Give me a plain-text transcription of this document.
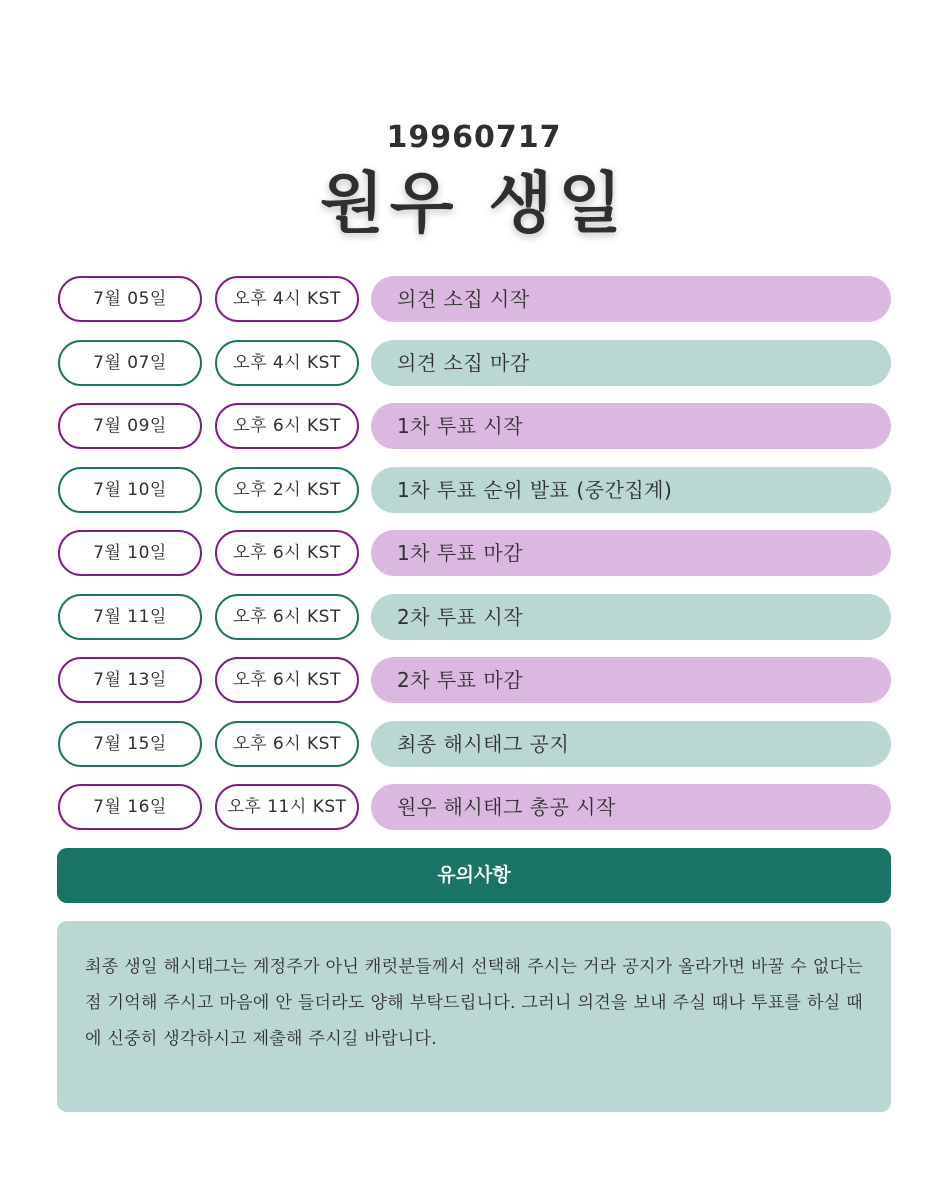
19960717
원우 생일
7월 05일	오후 4시 KST	의견 소집 시작
7월 07일	오후 4시 KST	의견 소집 마감
7월 09일	오후 6시 KST	1차 투표 시작
7월 10일	오후 2시 KST	1차 투표 순위 발표 (중간집계)
7월 10일	오후 6시 KST	1차 투표 마감
7월 11일	오후 6시 KST	2차 투표 시작
7월 13일	오후 6시 KST	2차 투표 마감
7월 15일	오후 6시 KST	최종 해시태그 공지
7월 16일	오후 11시 KST	원우 해시태그 총공 시작
유의사항
최종 생일 해시태그는 계정주가 아닌 캐럿분들께서 선택해 주시는 거라 공지가 올라가면 바꿀 수 없다는 점 기억해 주시고 마음에 안 들더라도 양해 부탁드립니다. 그러니 의견을 보내 주실 때나 투표를 하실 때에 신중히 생각하시고 제출해 주시길 바랍니다.
